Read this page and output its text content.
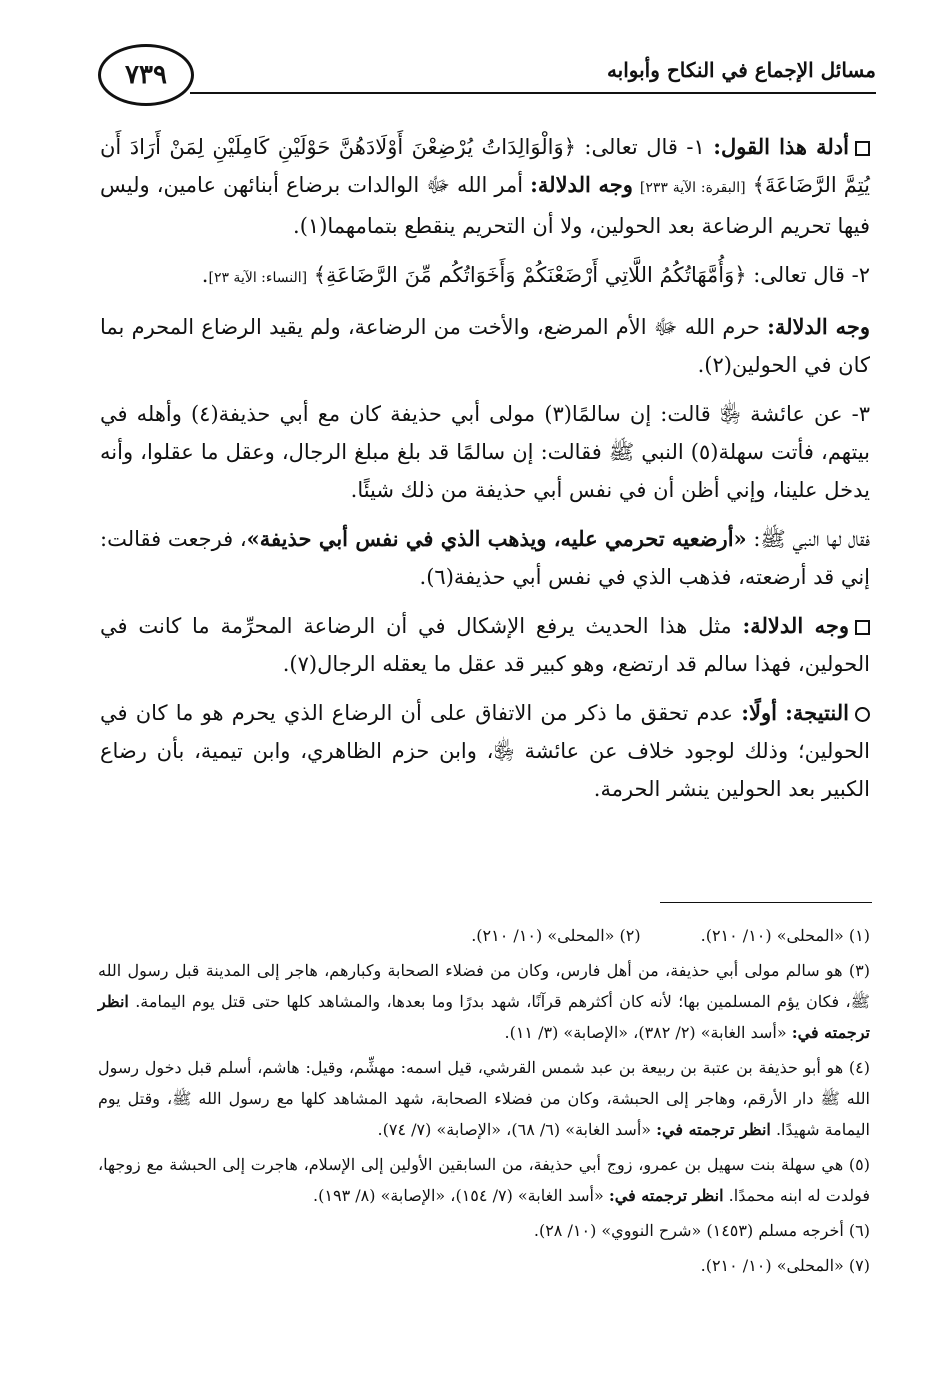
٧٣٩	مسائل الإجماع في النكاح وأبوابه

أدلة هذا القول: ١- قال تعالى: ﴿وَالْوَالِدَاتُ يُرْضِعْنَ أَوْلَادَهُنَّ حَوْلَيْنِ كَامِلَيْنِ لِمَنْ أَرَادَ أَن يُتِمَّ الرَّضَاعَةَ﴾ [البقرة: الآية ٢٣٣] وجه الدلالة: أمر الله ﷻ الوالدات برضاع أبنائهن عامين، وليس فيها تحريم الرضاعة بعد الحولين، ولا أن التحريم ينقطع بتمامهما(١).

٢- قال تعالى: ﴿وَأُمَّهَاتُكُمُ اللَّاتِي أَرْضَعْنَكُمْ وَأَخَوَاتُكُم مِّنَ الرَّضَاعَةِ﴾ [النساء: الآية ٢٣].

وجه الدلالة: حرم الله ﷻ الأم المرضع، والأخت من الرضاعة، ولم يقيد الرضاع المحرم بما كان في الحولين(٢).

٣- عن عائشة ﵂ قالت: إن سالمًا(٣) مولى أبي حذيفة كان مع أبي حذيفة(٤) وأهله في بيتهم، فأتت سهلة(٥) النبي ﷺ فقالت: إن سالمًا قد بلغ مبلغ الرجال، وعقل ما عقلوا، وأنه يدخل علينا، وإني أظن أن في نفس أبي حذيفة من ذلك شيئًا.

فقال لها النبي ﷺ: «أرضعيه تحرمي عليه، ويذهب الذي في نفس أبي حذيفة»، فرجعت فقالت: إني قد أرضعته، فذهب الذي في نفس أبي حذيفة(٦).

وجه الدلالة: مثل هذا الحديث يرفع الإشكال في أن الرضاعة المحرِّمة ما كانت في الحولين، فهذا سالم قد ارتضع، وهو كبير قد عقل ما يعقله الرجال(٧).

النتيجة: أولًا: عدم تحقق ما ذكر من الاتفاق على أن الرضاع الذي يحرم هو ما كان في الحولين؛ وذلك لوجود خلاف عن عائشة ﵂، وابن حزم الظاهري، وابن تيمية، بأن رضاع الكبير بعد الحولين ينشر الحرمة.

(١) «المحلى» (١٠/ ٢١٠).(٢) «المحلى» (١٠/ ٢١٠).

(٣) هو سالم مولى أبي حذيفة، من أهل فارس، وكان من فضلاء الصحابة وكبارهم، هاجر إلى المدينة قبل رسول الله ﷺ، فكان يؤم المسلمين بها؛ لأنه كان أكثرهم قرآنًا، شهد بدرًا وما بعدها، والمشاهد كلها حتى قتل يوم اليمامة. انظر ترجمته في: «أسد الغابة» (٢/ ٣٨٢)، «الإصابة» (٣/ ١١).

(٤) هو أبو حذيفة بن عتبة بن ربيعة بن عبد شمس القرشي، قيل اسمه: مهشِّم، وقيل: هاشم، أسلم قبل دخول رسول الله ﷺ دار الأرقم، وهاجر إلى الحبشة، وكان من فضلاء الصحابة، شهد المشاهد كلها مع رسول الله ﷺ، وقتل يوم اليمامة شهيدًا. انظر ترجمته في: «أسد الغابة» (٦/ ٦٨)، «الإصابة» (٧/ ٧٤).

(٥) هي سهلة بنت سهيل بن عمرو، زوج أبي حذيفة، من السابقين الأولين إلى الإسلام، هاجرت إلى الحبشة مع زوجها، فولدت له ابنه محمدًا. انظر ترجمته في: «أسد الغابة» (٧/ ١٥٤)، «الإصابة» (٨/ ١٩٣).

(٦) أخرجه مسلم (١٤٥٣) «شرح النووي» (١٠/ ٢٨).

(٧) «المحلى» (١٠/ ٢١٠).
